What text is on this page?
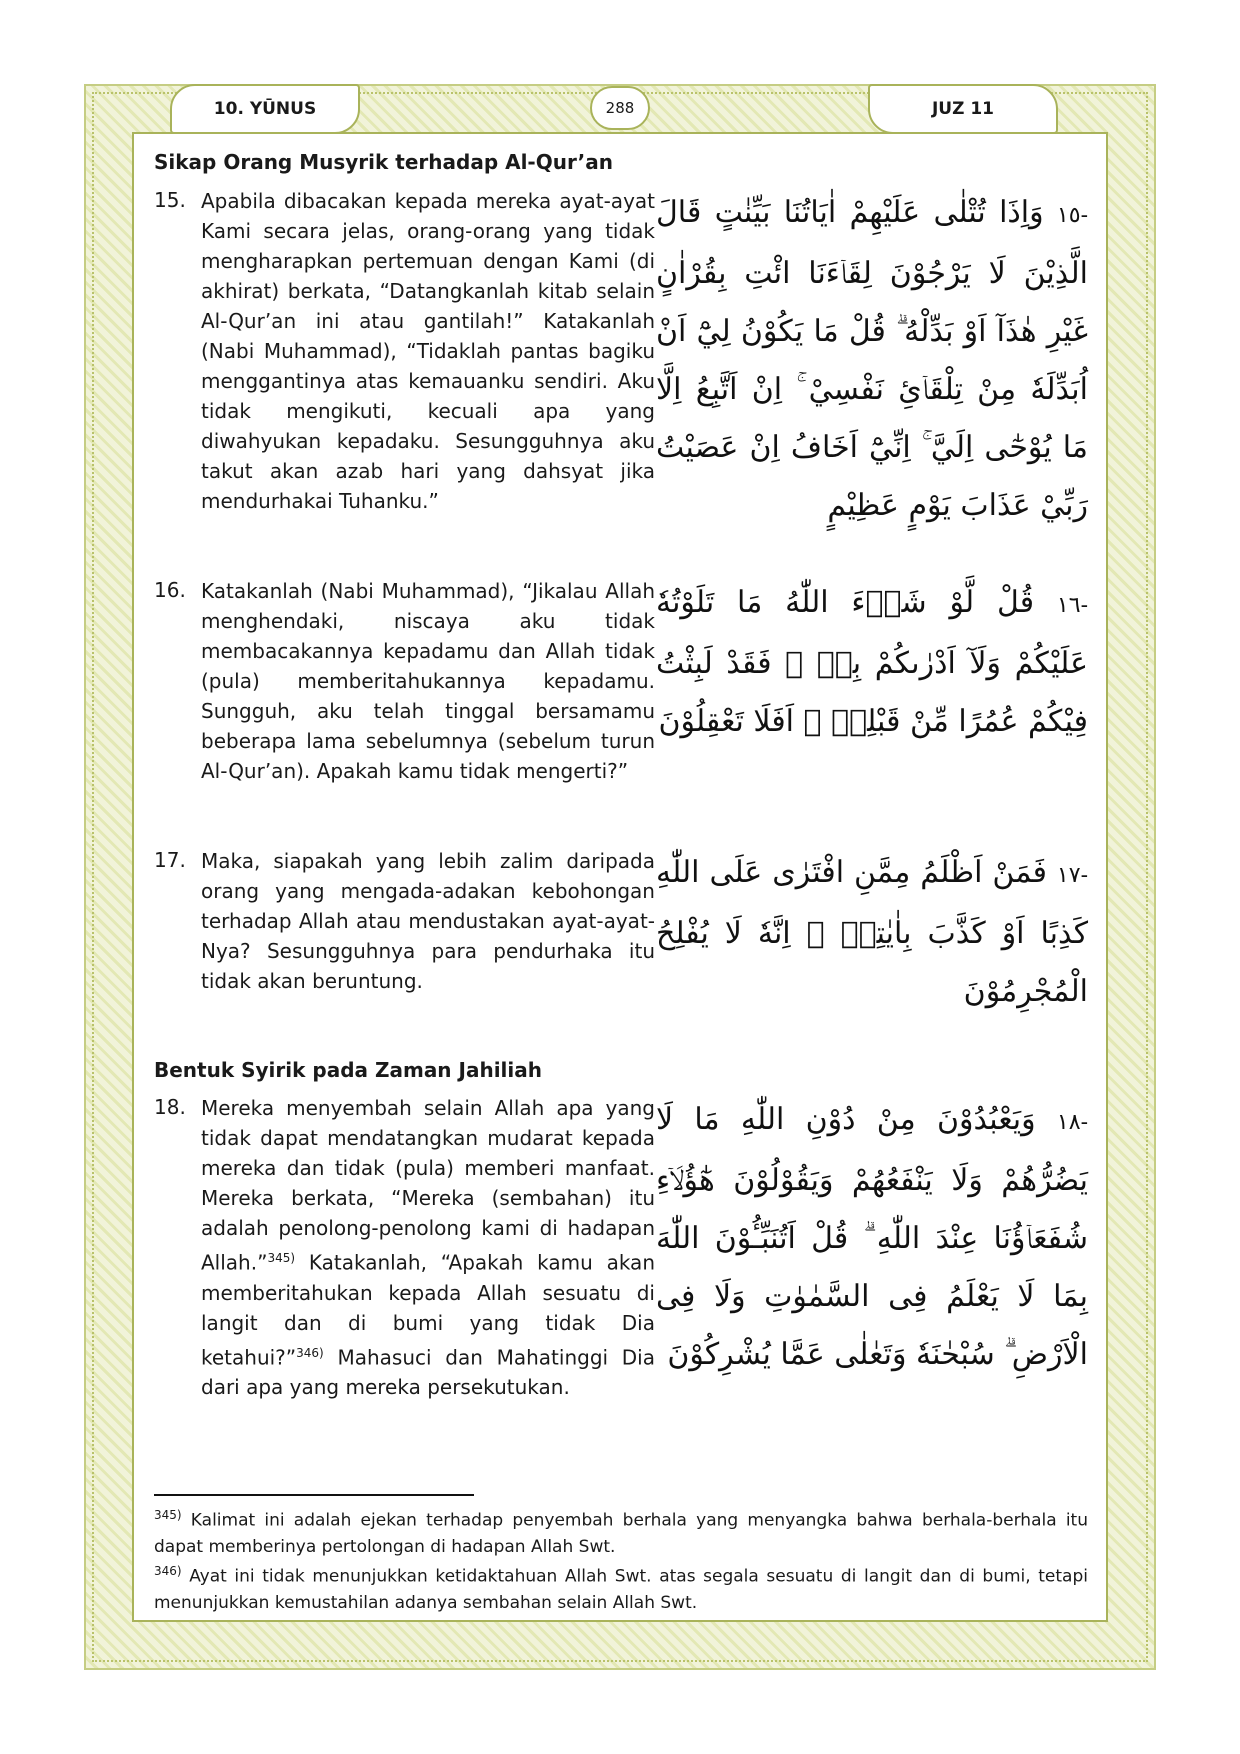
10. YŪNUS	288	JUZ 11
Sikap Orang Musyrik terhadap Al-Qur’an
15. Apabila dibacakan kepada mereka ayat-ayat Kami secara jelas, orang-orang yang tidak mengharapkan pertemuan dengan Kami (di akhirat) berkata, “Datangkanlah kitab selain Al-Qur’an ini atau gantilah!” Katakanlah (Nabi Muhammad), “Tidaklah pantas bagiku menggantinya atas kemauanku sendiri. Aku tidak mengikuti, kecuali apa yang diwahyukan kepadaku. Sesungguhnya aku takut akan azab hari yang dahsyat jika mendurhakai Tuhanku.”
-١٥ وَاِذَا تُتْلٰى عَلَيْهِمْ اٰيَاتُنَا بَيِّنٰتٍ قَالَ الَّذِيْنَ لَا يَرْجُوْنَ لِقَاۤءَنَا ائْتِ بِقُرْاٰنٍ غَيْرِ هٰذَآ اَوْ بَدِّلْهُ ۗ قُلْ مَا يَكُوْنُ لِيْٓ اَنْ اُبَدِّلَهٗ مِنْ تِلْقَاۤئِ نَفْسِيْ ۚ اِنْ اَتَّبِعُ اِلَّا مَا يُوْحٰٓى اِلَيَّ ۚ اِنِّيْٓ اَخَافُ اِنْ عَصَيْتُ رَبِّيْ عَذَابَ يَوْمٍ عَظِيْمٍ
16. Katakanlah (Nabi Muhammad), “Jikalau Allah menghendaki, niscaya aku tidak membacakannya kepadamu dan Allah tidak (pula) memberitahukannya kepadamu. Sungguh, aku telah tinggal bersamamu beberapa lama sebelumnya (sebelum turun Al-Qur’an). Apakah kamu tidak mengerti?”
-١٦ قُلْ لَّوْ شَاۤءَ اللّٰهُ مَا تَلَوْتُهٗ عَلَيْكُمْ وَلَآ اَدْرٰىكُمْ بِهٖ ۖ فَقَدْ لَبِثْتُ فِيْكُمْ عُمُرًا مِّنْ قَبْلِهٖ ۗ اَفَلَا تَعْقِلُوْنَ
17. Maka, siapakah yang lebih zalim daripada orang yang mengada-adakan kebohongan terhadap Allah atau mendustakan ayat-ayat-Nya? Sesungguhnya para pendurhaka itu tidak akan beruntung.
-١٧ فَمَنْ اَظْلَمُ مِمَّنِ افْتَرٰى عَلَى اللّٰهِ كَذِبًا اَوْ كَذَّبَ بِاٰيٰتِهٖ ۗ اِنَّهٗ لَا يُفْلِحُ الْمُجْرِمُوْنَ
Bentuk Syirik pada Zaman Jahiliah
18. Mereka menyembah selain Allah apa yang tidak dapat mendatangkan mudarat kepada mereka dan tidak (pula) memberi manfaat. Mereka berkata, “Mereka (sembahan) itu adalah penolong-penolong kami di hadapan Allah.”$^{345)}$ Katakanlah, “Apakah kamu akan memberitahukan kepada Allah sesuatu di langit dan di bumi yang tidak Dia ketahui?”$^{346)}$ Mahasuci dan Mahatinggi Dia dari apa yang mereka persekutukan.
-١٨ وَيَعْبُدُوْنَ مِنْ دُوْنِ اللّٰهِ مَا لَا يَضُرُّهُمْ وَلَا يَنْفَعُهُمْ وَيَقُوْلُوْنَ هٰٓؤُلَاۤءِ شُفَعَاۤؤُنَا عِنْدَ اللّٰهِ ۗ قُلْ اَتُنَبِّـُٔوْنَ اللّٰهَ بِمَا لَا يَعْلَمُ فِى السَّمٰوٰتِ وَلَا فِى الْاَرْضِ ۗ سُبْحٰنَهٗ وَتَعٰلٰى عَمَّا يُشْرِكُوْنَ
$^{345)}$ Kalimat ini adalah ejekan terhadap penyembah berhala yang menyangka bahwa berhala-berhala itu dapat memberinya pertolongan di hadapan Allah Swt.
$^{346)}$ Ayat ini tidak menunjukkan ketidaktahuan Allah Swt. atas segala sesuatu di langit dan di bumi, tetapi menunjukkan kemustahilan adanya sembahan selain Allah Swt.
